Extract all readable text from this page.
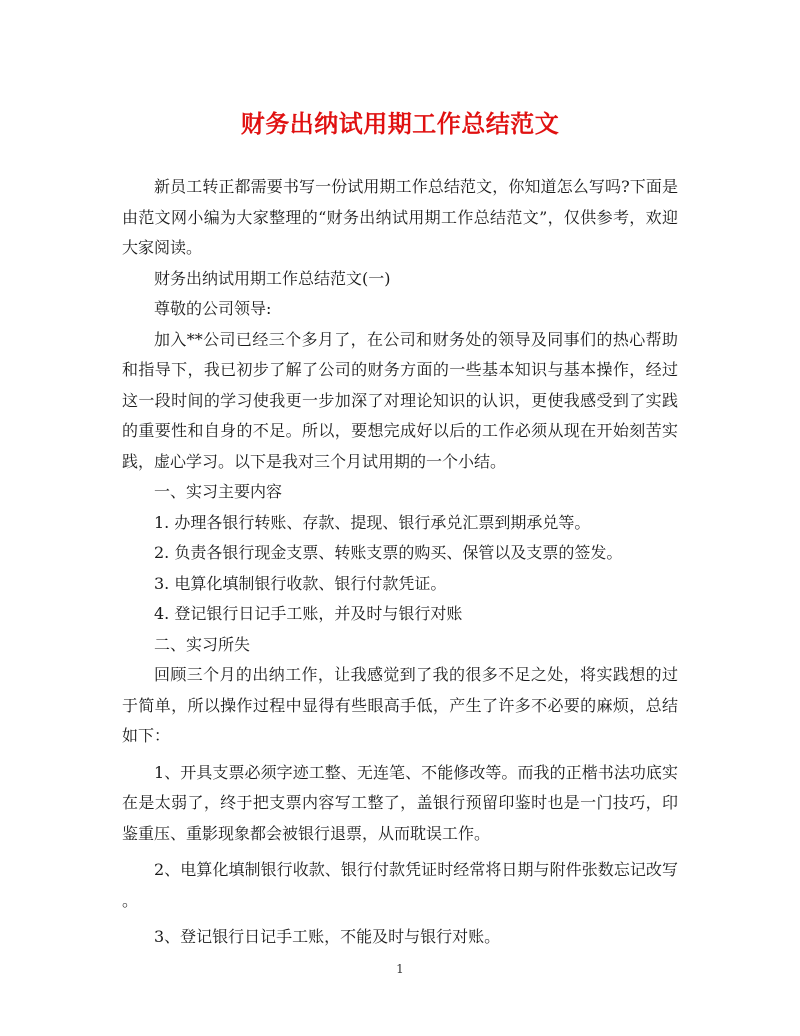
财务出纳试用期工作总结范文

新员工转正都需要书写一份试用期工作总结范文，你知道怎么写吗?下面是由范文网小编为大家整理的“财务出纳试用期工作总结范文”，仅供参考，欢迎大家阅读。

财务出纳试用期工作总结范文(一)

尊敬的公司领导:

加入**公司已经三个多月了，在公司和财务处的领导及同事们的热心帮助和指导下，我已初步了解了公司的财务方面的一些基本知识与基本操作，经过这一段时间的学习使我更一步加深了对理论知识的认识，更使我感受到了实践的重要性和自身的不足。所以，要想完成好以后的工作必须从现在开始刻苦实践，虚心学习。以下是我对三个月试用期的一个小结。

一、实习主要内容

1. 办理各银行转账、存款、提现、银行承兑汇票到期承兑等。

2. 负责各银行现金支票、转账支票的购买、保管以及支票的签发。

3. 电算化填制银行收款、银行付款凭证。

4. 登记银行日记手工账，并及时与银行对账

二、实习所失

回顾三个月的出纳工作，让我感觉到了我的很多不足之处，将实践想的过于简单，所以操作过程中显得有些眼高手低，产生了许多不必要的麻烦，总结如下：

1、开具支票必须字迹工整、无连笔、不能修改等。而我的正楷书法功底实在是太弱了，终于把支票内容写工整了，盖银行预留印鉴时也是一门技巧，印鉴重压、重影现象都会被银行退票，从而耽误工作。

2、电算化填制银行收款、银行付款凭证时经常将日期与附件张数忘记改写。

3、登记银行日记手工账，不能及时与银行对账。

1
